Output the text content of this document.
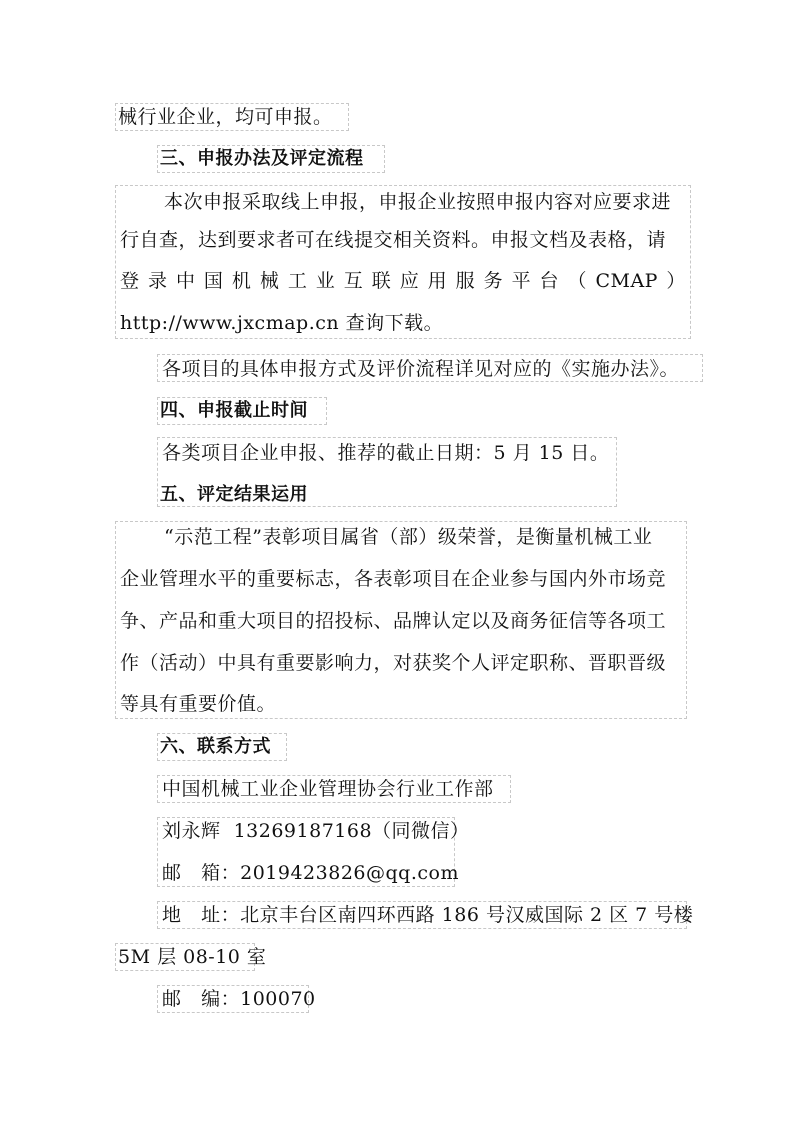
械行业企业，均可申报。
三、申报办法及评定流程
本次申报采取线上申报，申报企业按照申报内容对应要求进
行自查，达到要求者可在线提交相关资料。申报文档及表格，请
登 录 中 国 机 械 工 业 互 联 应 用 服 务 平 台 （ CMAP ）
http://www.jxcmap.cn 查询下载。
各项目的具体申报方式及评价流程详见对应的《实施办法》。
四、申报截止时间
各类项目企业申报、推荐的截止日期：5 月 15 日。
五、评定结果运用
“示范工程”表彰项目属省（部）级荣誉，是衡量机械工业
企业管理水平的重要标志，各表彰项目在企业参与国内外市场竞
争、产品和重大项目的招投标、品牌认定以及商务征信等各项工
作（活动）中具有重要影响力，对获奖个人评定职称、晋职晋级
等具有重要价值。
六、联系方式
中国机械工业企业管理协会行业工作部
刘永辉  13269187168（同微信）
邮   箱：2019423826@qq.com
地   址：北京丰台区南四环西路 186 号汉威国际 2 区 7 号楼
5M 层 08-10 室
邮   编：100070
